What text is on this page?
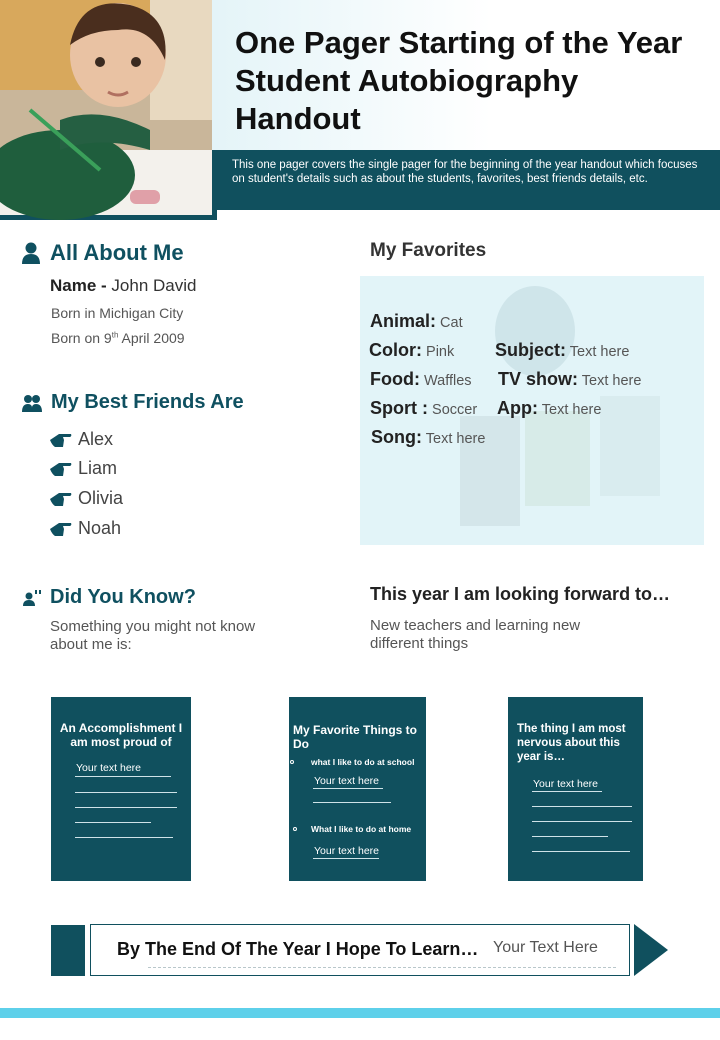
One Pager Starting of the Year Student Autobiography Handout
This one pager covers the single pager for the beginning of the year handout which focuses on student's details such as about the students, favorites, best friends details, etc.
All About Me
Name - John David
Born in Michigan City
Born on 9th April 2009
My Best Friends Are
Alex
Liam
Olivia
Noah
My Favorites
Animal: Cat
Color: Pink Subject: Text here
Food: Waffles TV show: Text here
Sport : Soccer App: Text here
Song: Text here
Did You Know?
Something you might not know about me is:
This year I am looking forward to…
New teachers and learning new different things
An Accomplishment I am most proud of
Your text here
My Favorite Things to Do
what I like to do at school
Your text here
What I like to do at home
Your text here
The thing I am most nervous about this year is…
Your text here
By The End Of The Year I Hope To Learn… Your Text Here
